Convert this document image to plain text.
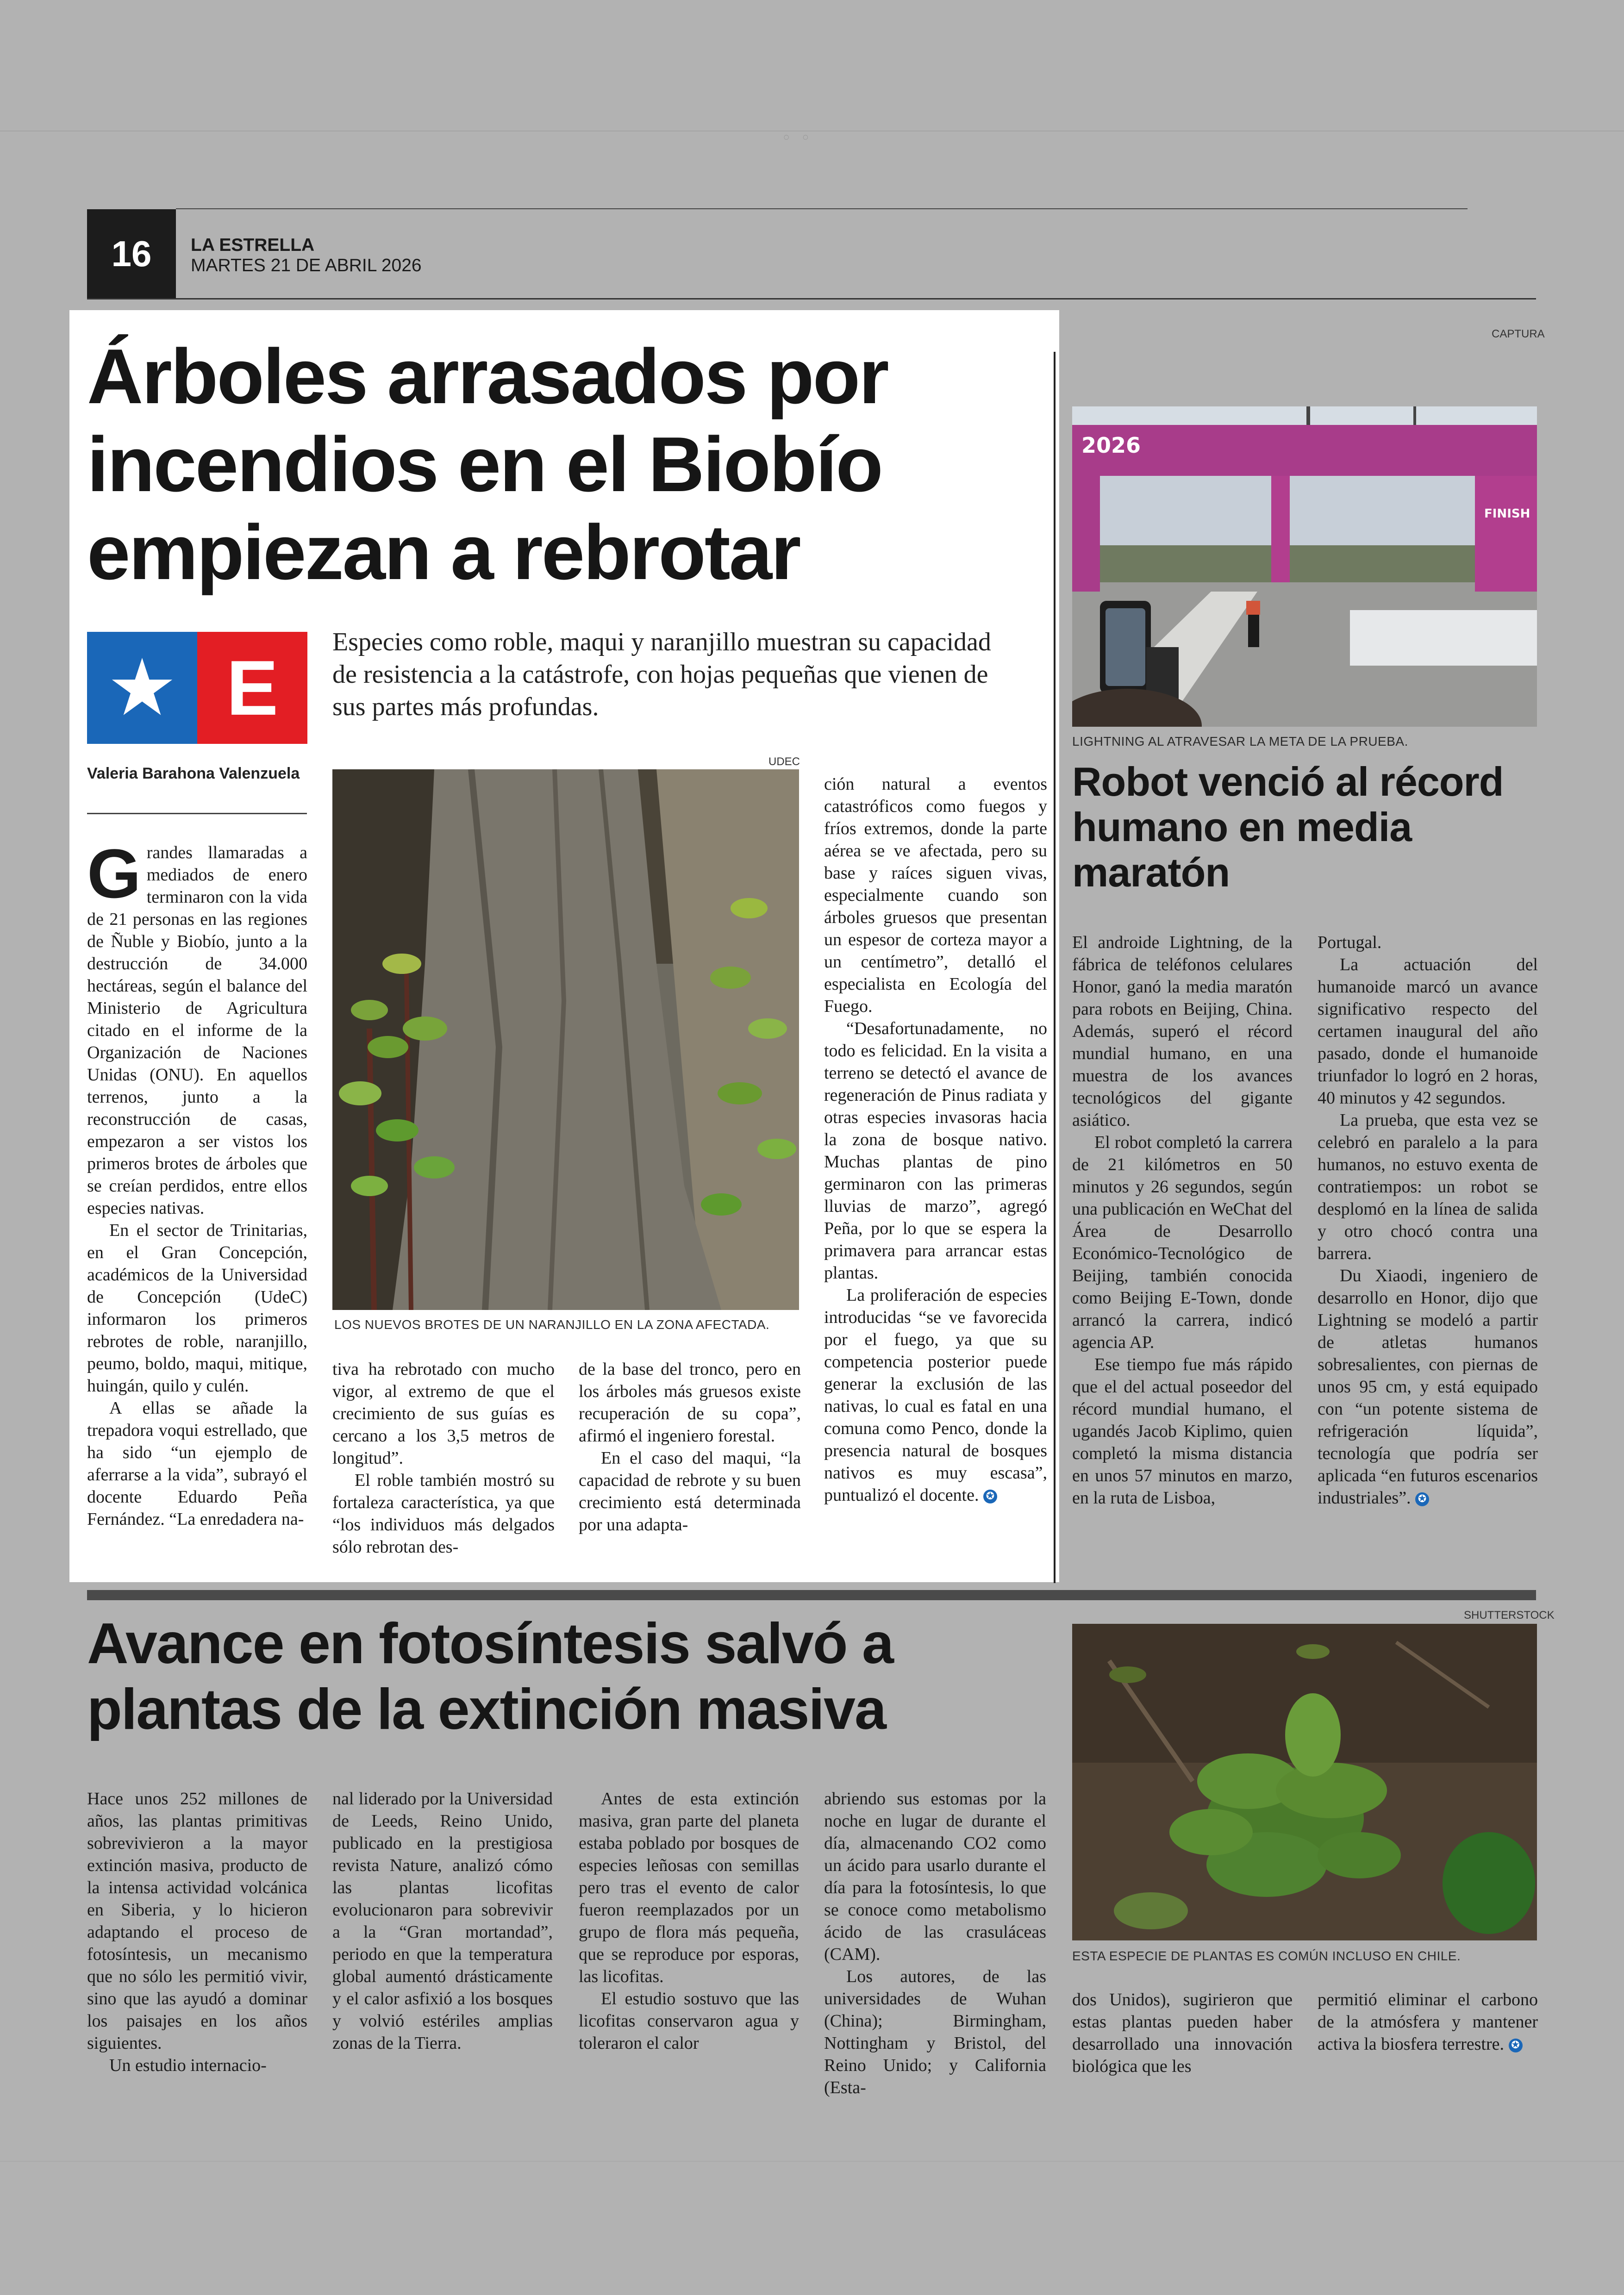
◦◦
16	LA ESTRELLA
MARTES 21 DE ABRIL 2026
Árboles arrasados por incendios en el Biobío empiezan a rebrotar
★ E
Especies como roble, maqui y naranjillo muestran su capacidad de resistencia a la catástrofe, con hojas pequeñas que vienen de sus partes más profundas.
Valeria Barahona Valenzuela

Grandes llamaradas a mediados de enero terminaron con la vida de 21 personas en las regiones de Ñuble y Biobío, junto a la destrucción de 34.000 hectáreas, según el balance del Ministerio de Agricultura citado en el informe de la Organización de Naciones Unidas (ONU). En aquellos terrenos, junto a la reconstrucción de casas, empezaron a ser vistos los primeros brotes de árboles que se creían perdidos, entre ellos especies nativas.

En el sector de Trinitarias, en el Gran Concepción, académicos de la Universidad de Concepción (UdeC) informaron los primeros rebrotes de roble, naranjillo, peumo, boldo, maqui, mitique, huingán, quilo y culén.

A ellas se añade la trepadora voqui estrellado, que ha sido “un ejemplo de aferrarse a la vida”, subrayó el docente Eduardo Peña Fernández. “La enredadera na-

UDEC
LOS NUEVOS BROTES DE UN NARANJILLO EN LA ZONA AFECTADA.

tiva ha rebrotado con mucho vigor, al extremo de que el crecimiento de sus guías es cercano a los 3,5 metros de longitud”.

El roble también mostró su fortaleza característica, ya que “los individuos más delgados sólo rebrotan des-

de la base del tronco, pero en los árboles más gruesos existe recuperación de su copa”, afirmó el ingeniero forestal.

En el caso del maqui, “la capacidad de rebrote y su buen crecimiento está determinada por una adapta-

ción natural a eventos catastróficos como fuegos y fríos extremos, donde la parte aérea se ve afectada, pero su base y raíces siguen vivas, especialmente cuando son árboles gruesos que presentan un espesor de corteza mayor a un centímetro”, detalló el especialista en Ecología del Fuego.

“Desafortunadamente, no todo es felicidad. En la visita a terreno se detectó el avance de regeneración de Pinus radiata y otras especies invasoras hacia la zona de bosque nativo. Muchas plantas de pino germinaron con las primeras lluvias de marzo”, agregó Peña, por lo que se espera la primavera para arrancar estas plantas.

La proliferación de especies introducidas “se ve favorecida por el fuego, ya que su competencia posterior puede generar la exclusión de las nativas, lo cual es fatal en una comuna como Penco, donde la presencia natural de bosques nativos es muy escasa”, puntualizó el docente. ✪

CAPTURA
2026
FINISH
LIGHTNING AL ATRAVESAR LA META DE LA PRUEBA.
Robot venció al récord humano en media maratón

El androide Lightning, de la fábrica de teléfonos celulares Honor, ganó la media maratón para robots en Beijing, China. Además, superó el récord mundial humano, en una muestra de los avances tecnológicos del gigante asiático.

El robot completó la carrera de 21 kilómetros en 50 minutos y 26 segundos, según una publicación en WeChat del Área de Desarrollo Económico-Tecnológico de Beijing, también conocida como Beijing E-Town, donde arrancó la carrera, indicó agencia AP.

Ese tiempo fue más rápido que el del actual poseedor del récord mundial humano, el ugandés Jacob Kiplimo, quien completó la misma distancia en unos 57 minutos en marzo, en la ruta de Lisboa,

Portugal.

La actuación del humanoide marcó un avance significativo respecto del certamen inaugural del año pasado, donde el humanoide triunfador lo logró en 2 horas, 40 minutos y 42 segundos.

La prueba, que esta vez se celebró en paralelo a la para humanos, no estuvo exenta de contratiempos: un robot se desplomó en la línea de salida y otro chocó contra una barrera.

Du Xiaodi, ingeniero de desarrollo en Honor, dijo que Lightning se modeló a partir de atletas humanos sobresalientes, con piernas de unos 95 cm, y está equipado con “un potente sistema de refrigeración líquida”, tecnología que podría ser aplicada “en futuros escenarios industriales”. ✪

Avance en fotosíntesis salvó a plantas de la extinción masiva
SHUTTERSTOCK
ESTA ESPECIE DE PLANTAS ES COMÚN INCLUSO EN CHILE.

Hace unos 252 millones de años, las plantas primitivas sobrevivieron a la mayor extinción masiva, producto de la intensa actividad volcánica en Siberia, y lo hicieron adaptando el proceso de fotosíntesis, un mecanismo que no sólo les permitió vivir, sino que las ayudó a dominar los paisajes en los años siguientes.

Un estudio internacio-

nal liderado por la Universidad de Leeds, Reino Unido, publicado en la prestigiosa revista Nature, analizó cómo las plantas licofitas evolucionaron para sobrevivir a la “Gran mortandad”, periodo en que la temperatura global aumentó drásticamente y el calor asfixió a los bosques y volvió estériles amplias zonas de la Tierra.

Antes de esta extinción masiva, gran parte del planeta estaba poblado por bosques de especies leñosas con semillas pero tras el evento de calor fueron reemplazados por un grupo de flora más pequeña, que se reproduce por esporas, las licofitas.

El estudio sostuvo que las licofitas conservaron agua y toleraron el calor

abriendo sus estomas por la noche en lugar de durante el día, almacenando CO2 como un ácido para usarlo durante el día para la fotosíntesis, lo que se conoce como metabolismo ácido de las crasuláceas (CAM).

Los autores, de las universidades de Wuhan (China); Birmingham, Nottingham y Bristol, del Reino Unido; y California (Esta-

dos Unidos), sugirieron que estas plantas pueden haber desarrollado una innovación biológica que les

permitió eliminar el carbono de la atmósfera y mantener activa la biosfera terrestre. ✪
